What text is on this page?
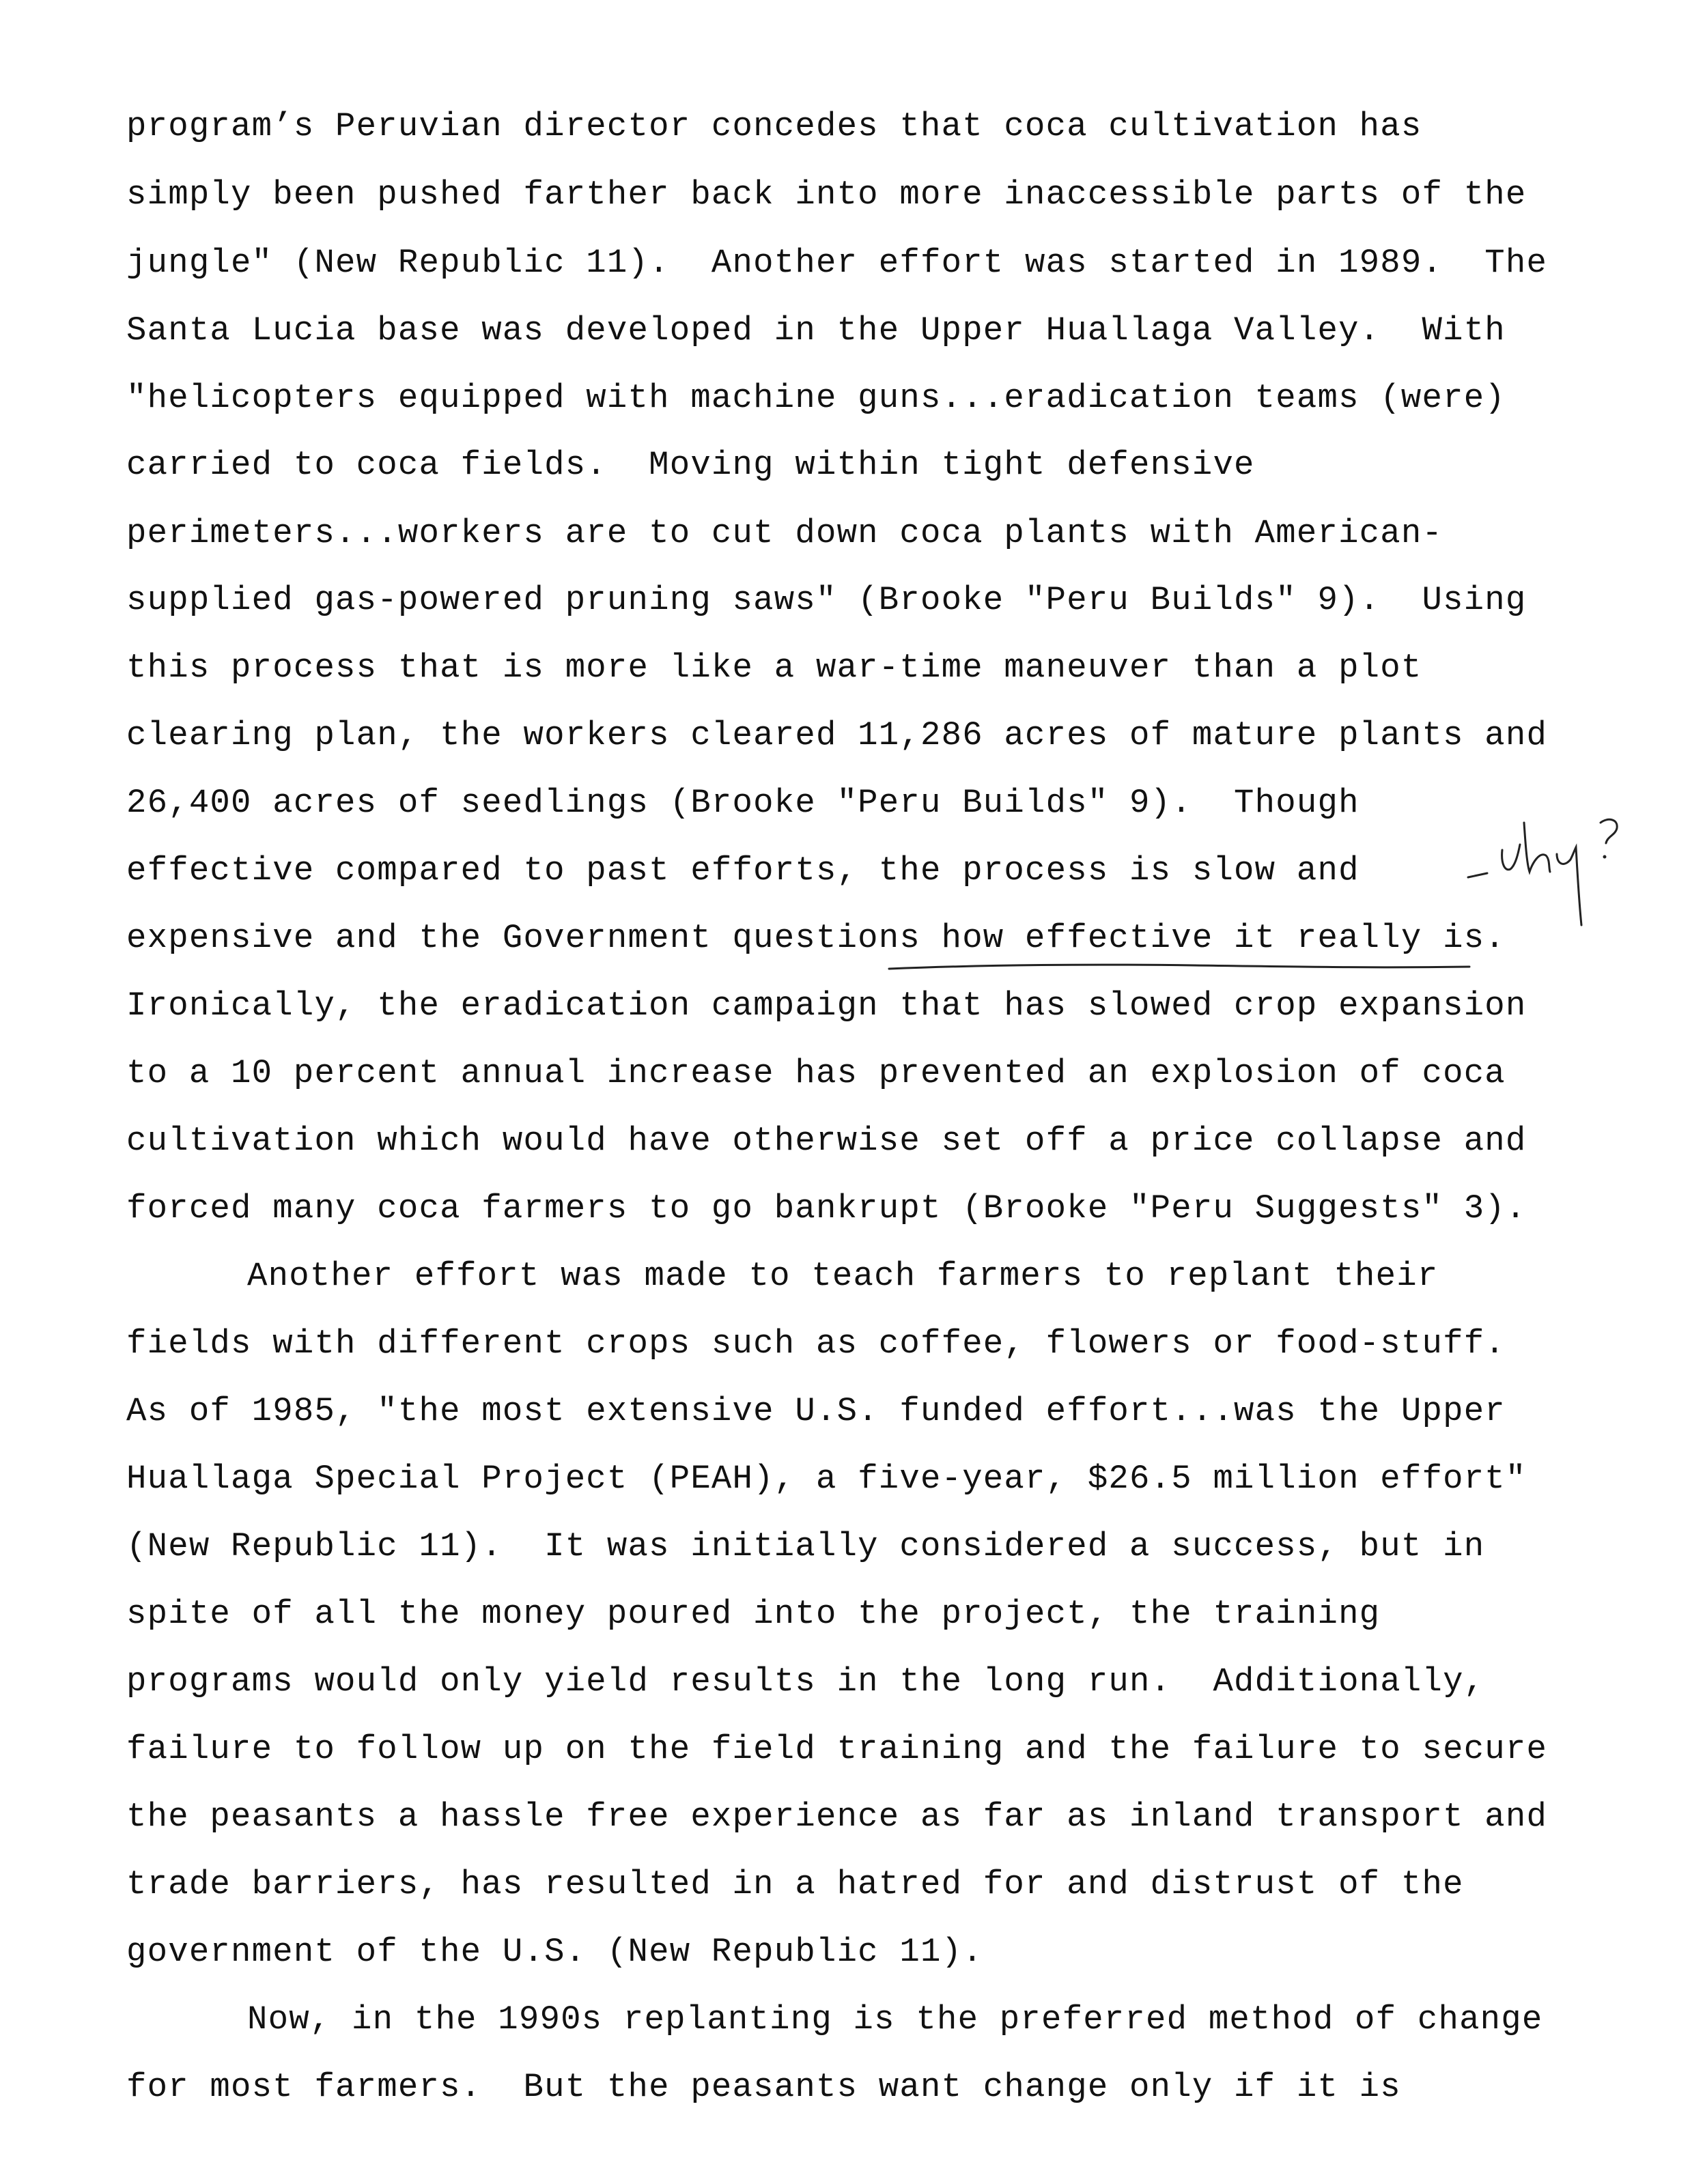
program’s Peruvian director concedes that coca cultivation has
simply been pushed farther back into more inaccessible parts of the
jungle" (New Republic 11).  Another effort was started in 1989.  The
Santa Lucia base was developed in the Upper Huallaga Valley.  With
"helicopters equipped with machine guns...eradication teams (were)
carried to coca fields.  Moving within tight defensive
perimeters...workers are to cut down coca plants with American-
supplied gas-powered pruning saws" (Brooke "Peru Builds" 9).  Using
this process that is more like a war-time maneuver than a plot
clearing plan, the workers cleared 11,286 acres of mature plants and
26,400 acres of seedlings (Brooke "Peru Builds" 9).  Though
effective compared to past efforts, the process is slow and
expensive and the Government questions how effective it really is.
Ironically, the eradication campaign that has slowed crop expansion
to a 10 percent annual increase has prevented an explosion of coca
cultivation which would have otherwise set off a price collapse and
forced many coca farmers to go bankrupt (Brooke "Peru Suggests" 3).
Another effort was made to teach farmers to replant their
fields with different crops such as coffee, flowers or food-stuff.
As of 1985, "the most extensive U.S. funded effort...was the Upper
Huallaga Special Project (PEAH), a five-year, $26.5 million effort"
(New Republic 11).  It was initially considered a success, but in
spite of all the money poured into the project, the training
programs would only yield results in the long run.  Additionally,
failure to follow up on the field training and the failure to secure
the peasants a hassle free experience as far as inland transport and
trade barriers, has resulted in a hatred for and distrust of the
government of the U.S. (New Republic 11).
Now, in the 1990s replanting is the preferred method of change
for most farmers.  But the peasants want change only if it is
